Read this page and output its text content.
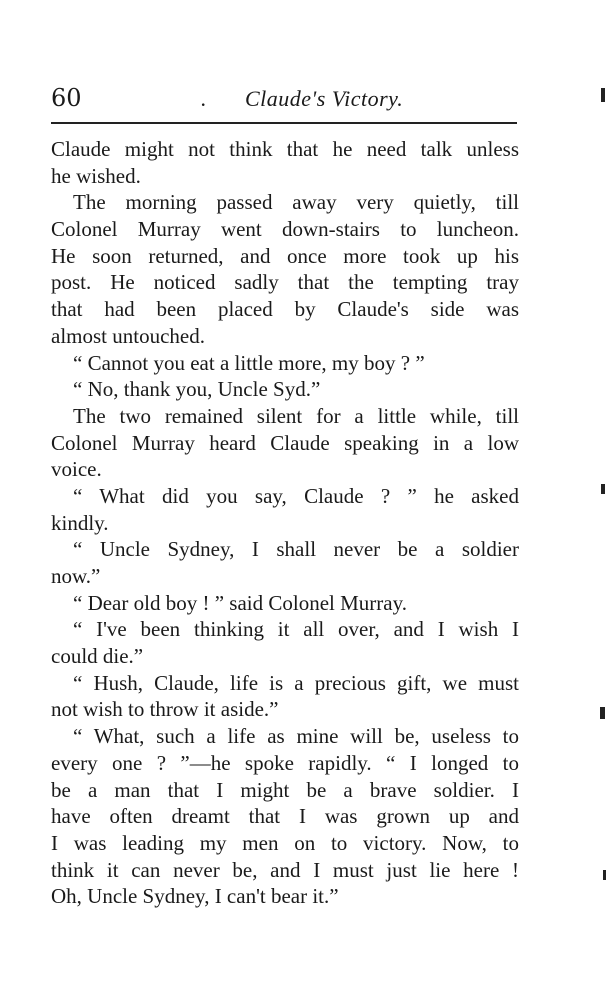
60	. Claude's Victory.
Claude might not think that he need talk unless
he wished.
The morning passed away very quietly, till
Colonel Murray went down-stairs to luncheon.
He soon returned, and once more took up his
post. He noticed sadly that the tempting tray
that had been placed by Claude's side was
almost untouched.
“ Cannot you eat a little more, my boy ? ”
“ No, thank you, Uncle Syd.”
The two remained silent for a little while, till
Colonel Murray heard Claude speaking in a low
voice.
“ What did you say, Claude ? ” he asked
kindly.
“ Uncle Sydney, I shall never be a soldier
now.”
“ Dear old boy ! ” said Colonel Murray.
“ I've been thinking it all over, and I wish I
could die.”
“ Hush, Claude, life is a precious gift, we must
not wish to throw it aside.”
“ What, such a life as mine will be, useless to
every one ? ”—he spoke rapidly. “ I longed to
be a man that I might be a brave soldier. I
have often dreamt that I was grown up and
I was leading my men on to victory. Now, to
think it can never be, and I must just lie here !
Oh, Uncle Sydney, I can't bear it.”
